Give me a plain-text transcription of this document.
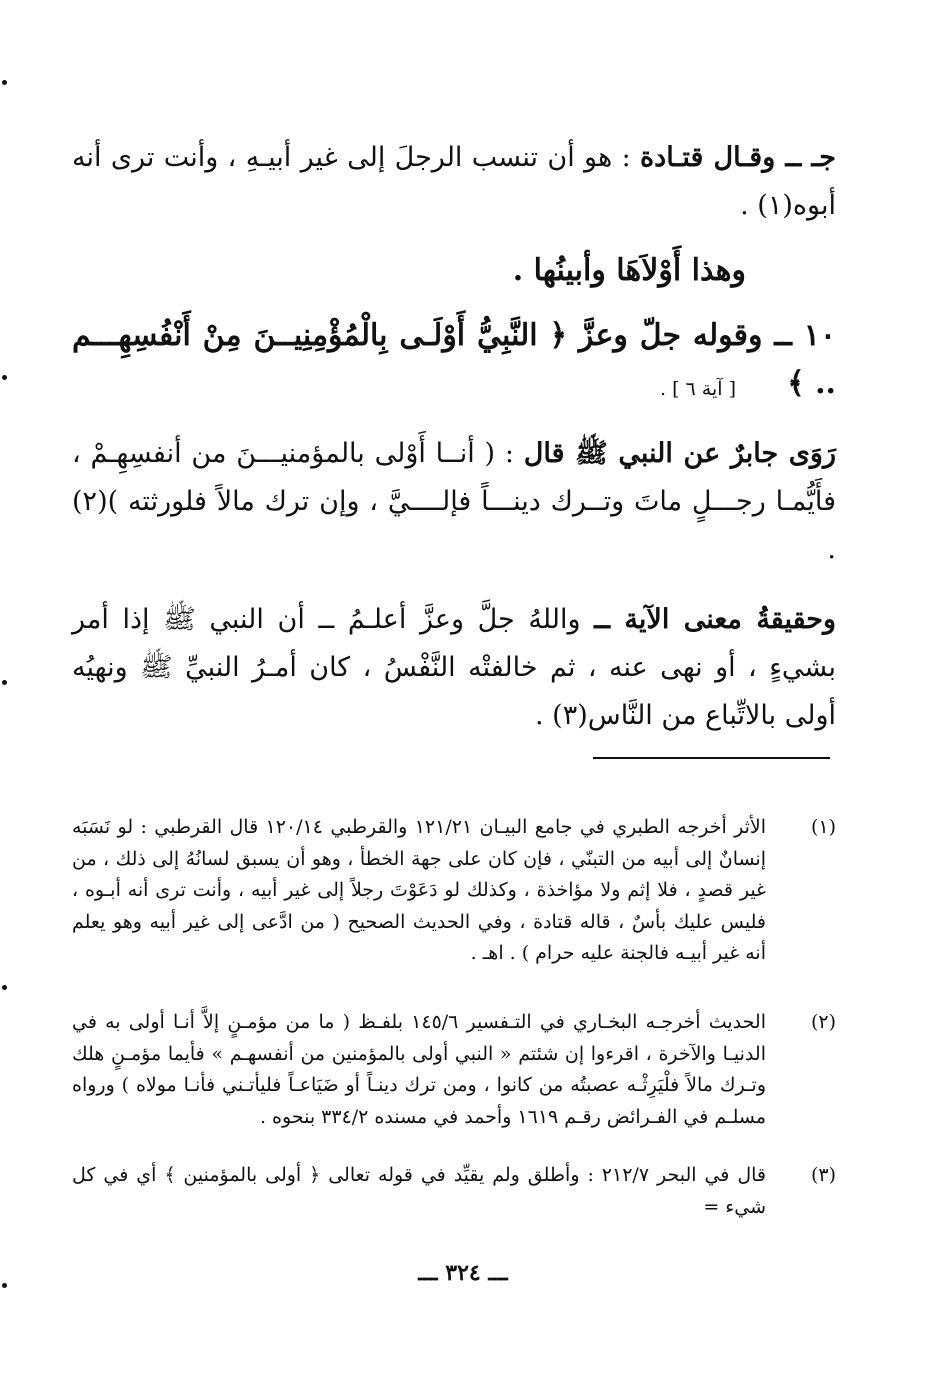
جـ ــ وقـال قتـادة : هو أن تنسب الرجلَ إلى غير أبيـهِ ، وأنت ترى أنه أبوه(١) .
وهذا أَوْلاَهَا وأبينُها .
١٠ ــ وقوله جلّ وعزَّ ﴿ النَّبِيُّ أَوْلَـى بِالْمُؤْمِنِيــنَ مِنْ أَنْفُسِهِـــم .. ﴾
[ آية ٦ ] .
رَوَى جابرٌ عن النبي ﷺ قال : ( أنــا أَوْلى بالمؤمنيـــنَ من أنفسِهِـمْ ، فأَيُّمـا رجـــلٍ ماتَ وتــرك دينـــاً فإلــــيَّ ، وإن ترك مالاً فلورثته )(٢) .
وحقيقةُ معنى الآية ــ واللهُ جلَّ وعزَّ أعلـمُ ــ أن النبي ﷺ إذا أمر بشيءٍ ، أو نهى عنه ، ثم خالفتْه النَّفْسُ ، كان أمـرُ النبيِّ ﷺ ونهيُه أولى بالاتِّباع من النَّاس(٣) .
(١)
الأثر أخرجه الطبري في جامع البيـان ١٢١/٢١ والقرطبي ١٢٠/١٤ قال القرطبي : لو نَسَبَه إنسانٌ إلى أبيه من التبنّي ، فإن كان على جهة الخطأ ، وهو أن يسبق لسانُهُ إلى ذلك ، من غير قصدٍ ، فلا إثم ولا مؤاخذة ، وكذلك لو دَعَوْتَ رجلاً إلى غير أبيه ، وأنت ترى أنه أبـوه ، فليس عليك بأسٌ ، قاله قتادة ، وفي الحديث الصحيح ( من ادَّعى إلى غير أبيه وهو يعلم أنه غير أبيـه فالجنة عليه حرام ) . اهـ .
(٢)
الحديث أخرجـه البخـاري في التـفسير ١٤٥/٦ بلفـظ ( ما من مؤمـنٍ إلاَّ أنـا أولى به في الدنيـا والآخرة ، اقرءوا إن شئتم « النبي أولى بالمؤمنين من أنفسهـم » فأيما مؤمـنٍ هلك وتـرك مالاً فلْيَرِثْـه عصبتُه من كانوا ، ومن ترك دينـاً أو ضَيَاعـاً فليأتـني فأنـا مولاه ) ورواه مسلـم في الفـرائض رقـم ١٦١٩ وأحمد في مسنده ٣٣٤/٢ بنحوه .
(٣)
قال في البحر ٢١٢/٧ : وأطلق ولم يقيِّد في قوله تعالى ﴿ أولى بالمؤمنين ﴾ أي في كل شيء =
ـــ ٣٢٤ ـــ
